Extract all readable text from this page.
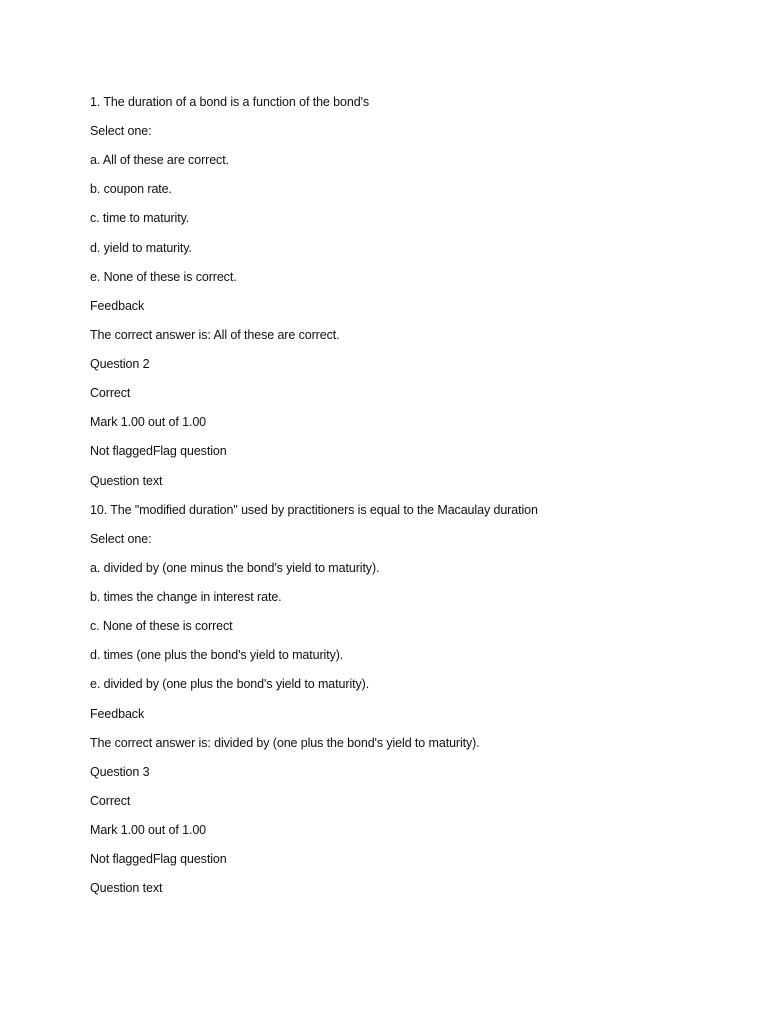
1. The duration of a bond is a function of the bond's
Select one:
a. All of these are correct.
b. coupon rate.
c. time to maturity.
d. yield to maturity.
e. None of these is correct.
Feedback
The correct answer is: All of these are correct.
Question 2
Correct
Mark 1.00 out of 1.00
Not flaggedFlag question
Question text
10. The "modified duration" used by practitioners is equal to the Macaulay duration
Select one:
a. divided by (one minus the bond's yield to maturity).
b. times the change in interest rate.
c. None of these is correct
d. times (one plus the bond's yield to maturity).
e. divided by (one plus the bond's yield to maturity).
Feedback
The correct answer is: divided by (one plus the bond's yield to maturity).
Question 3
Correct
Mark 1.00 out of 1.00
Not flaggedFlag question
Question text
